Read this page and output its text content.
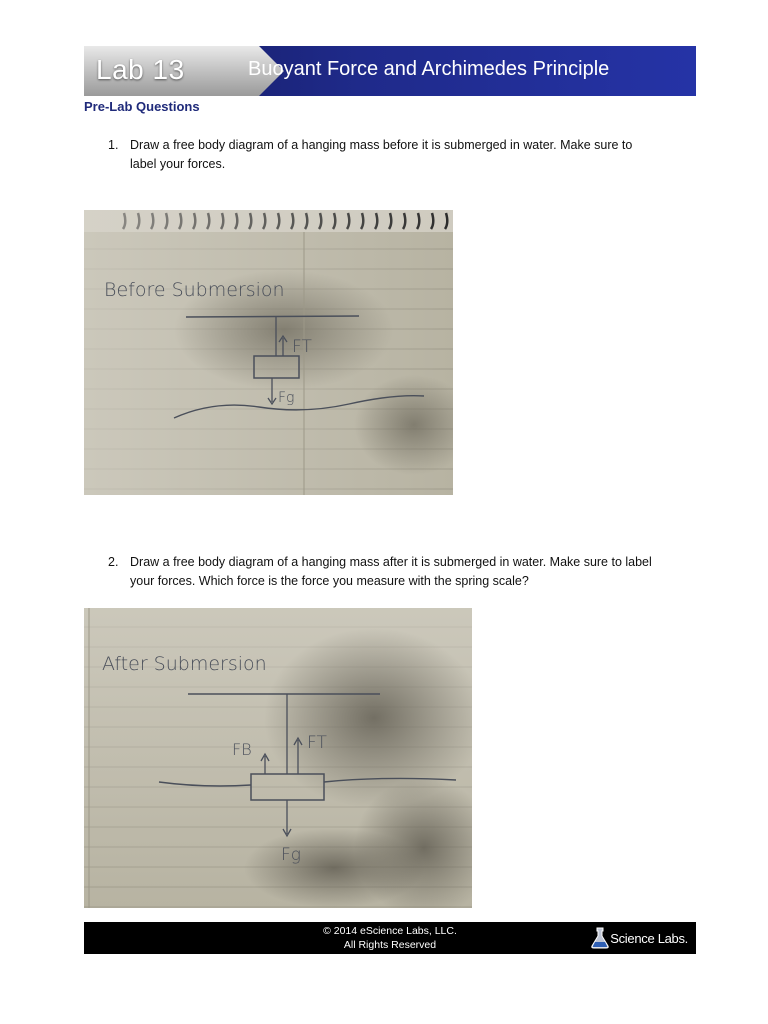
Lab 13	Buoyant Force and Archimedes Principle
Pre-Lab Questions
1. Draw a free body diagram of a hanging mass before it is submerged in water. Make sure to label your forces.
Before Submersion
FT
Fg
2. Draw a free body diagram of a hanging mass after it is submerged in water. Make sure to label your forces. Which force is the force you measure with the spring scale?
After Submersion
FT
FB
Fg
© 2014 eScience Labs, LLC.
All Rights Reserved	Science Labs.
